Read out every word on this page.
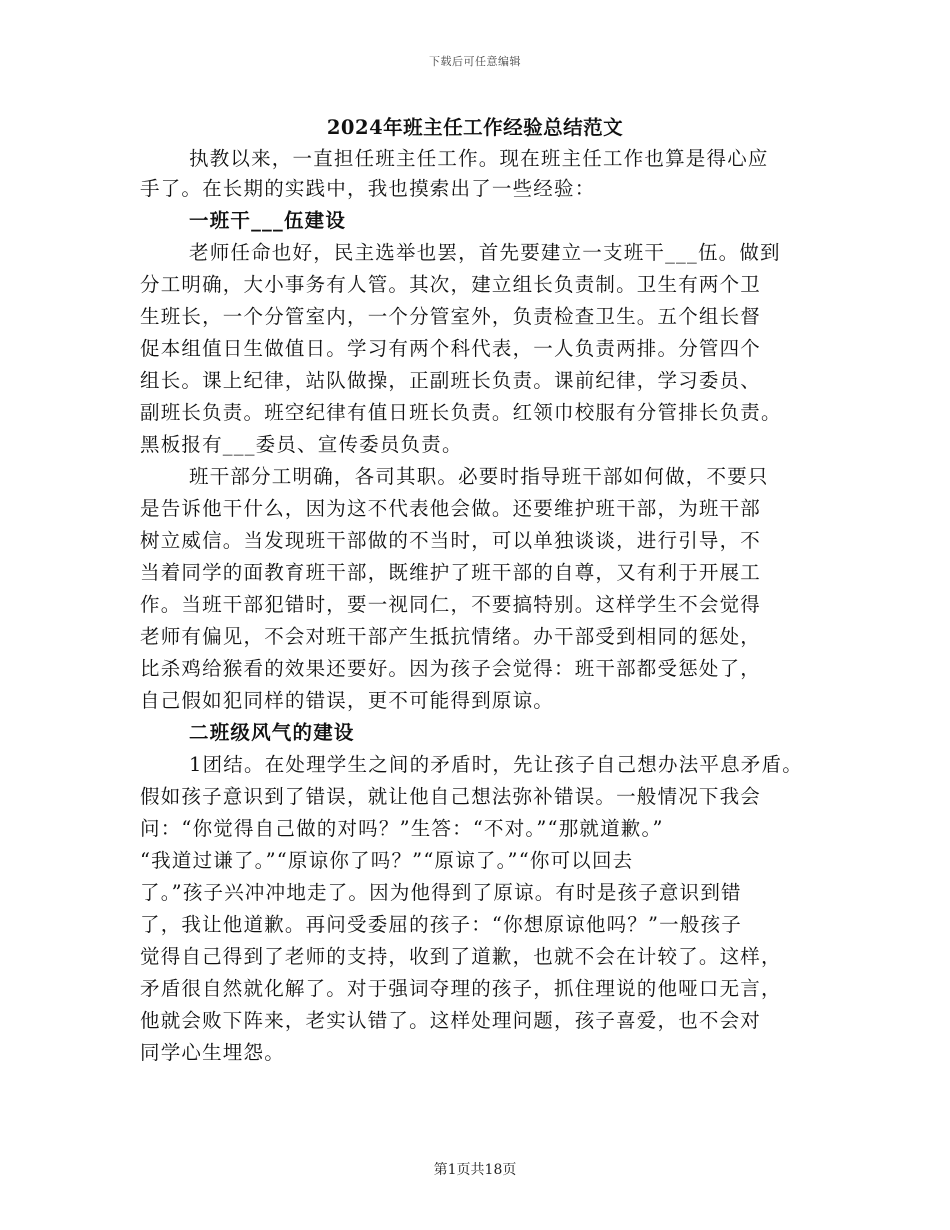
下载后可任意编辑
2024年班主任工作经验总结范文
执教以来，一直担任班主任工作。现在班主任工作也算是得心应
手了。在长期的实践中，我也摸索出了一些经验：
一班干___伍建设
老师任命也好，民主选举也罢，首先要建立一支班干___伍。做到
分工明确，大小事务有人管。其次，建立组长负责制。卫生有两个卫
生班长，一个分管室内，一个分管室外，负责检查卫生。五个组长督
促本组值日生做值日。学习有两个科代表，一人负责两排。分管四个
组长。课上纪律，站队做操，正副班长负责。课前纪律，学习委员、
副班长负责。班空纪律有值日班长负责。红领巾校服有分管排长负责。
黑板报有___委员、宣传委员负责。
班干部分工明确，各司其职。必要时指导班干部如何做，不要只
是告诉他干什么，因为这不代表他会做。还要维护班干部，为班干部
树立威信。当发现班干部做的不当时，可以单独谈谈，进行引导，不
当着同学的面教育班干部，既维护了班干部的自尊，又有利于开展工
作。当班干部犯错时，要一视同仁，不要搞特别。这样学生不会觉得
老师有偏见，不会对班干部产生抵抗情绪。办干部受到相同的惩处，
比杀鸡给猴看的效果还要好。因为孩子会觉得：班干部都受惩处了，
自己假如犯同样的错误，更不可能得到原谅。
二班级风气的建设
1团结。在处理学生之间的矛盾时，先让孩子自己想办法平息矛盾。
假如孩子意识到了错误，就让他自己想法弥补错误。一般情况下我会
问：“你觉得自己做的对吗？”生答：“不对。”“那就道歉。”
“我道过谦了。”“原谅你了吗？”“原谅了。”“你可以回去
了。”孩子兴冲冲地走了。因为他得到了原谅。有时是孩子意识到错
了，我让他道歉。再问受委屈的孩子：“你想原谅他吗？”一般孩子
觉得自己得到了老师的支持，收到了道歉，也就不会在计较了。这样，
矛盾很自然就化解了。对于强词夺理的孩子，抓住理说的他哑口无言，
他就会败下阵来，老实认错了。这样处理问题，孩子喜爱，也不会对
同学心生埋怨。
第1页共18页
